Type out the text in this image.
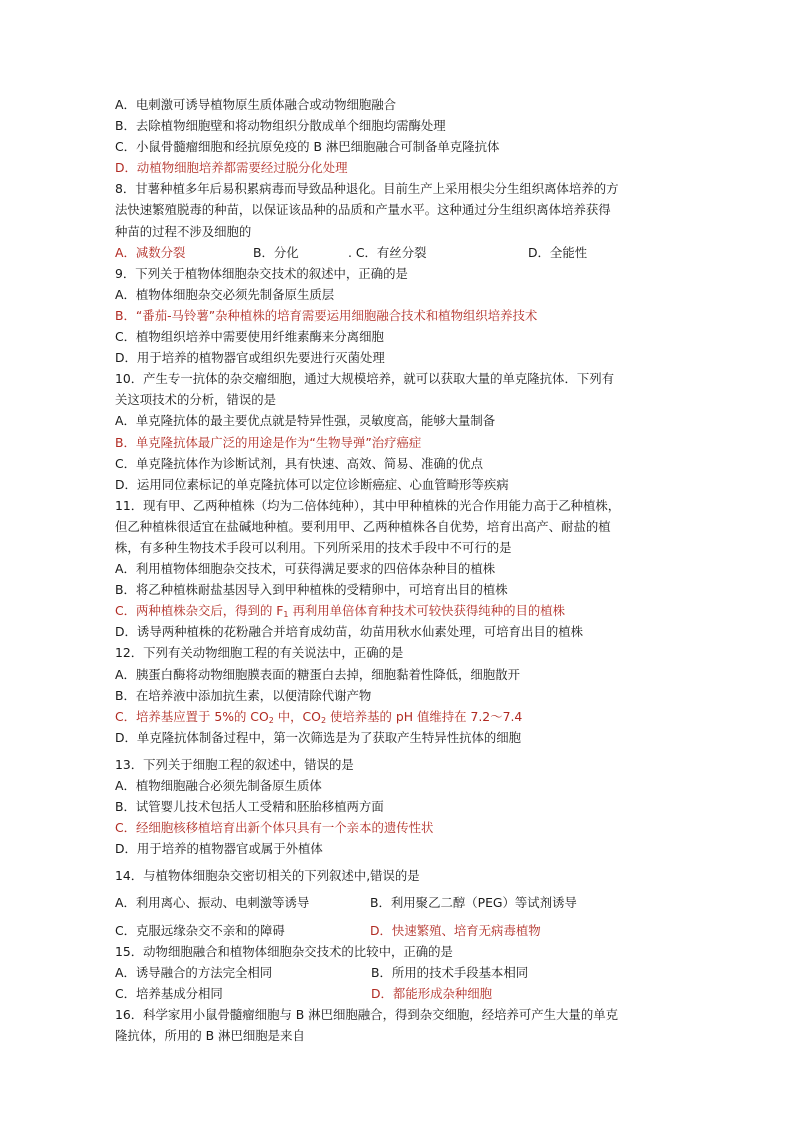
A．电刺激可诱导植物原生质体融合或动物细胞融合
B．去除植物细胞壁和将动物组织分散成单个细胞均需酶处理
C．小鼠骨髓瘤细胞和经抗原免疫的 B 淋巴细胞融合可制备单克隆抗体
D．动植物细胞培养都需要经过脱分化处理
8．甘薯种植多年后易积累病毒而导致品种退化。目前生产上采用根尖分生组织离体培养的方
法快速繁殖脱毒的种苗，以保证该品种的品质和产量水平。这种通过分生组织离体培养获得
种苗的过程不涉及细胞的
A．减数分裂	B．分化	. C．有丝分裂	D．全能性
9．下列关于植物体细胞杂交技术的叙述中，正确的是
A．植物体细胞杂交必须先制备原生质层
B．“番茄-马铃薯”杂种植株的培育需要运用细胞融合技术和植物组织培养技术
C．植物组织培养中需要使用纤维素酶来分离细胞
D．用于培养的植物器官或组织先要进行灭菌处理
10．产生专一抗体的杂交瘤细胞，通过大规模培养，就可以获取大量的单克隆抗体．下列有
关这项技术的分析，错误的是
A．单克隆抗体的最主要优点就是特异性强，灵敏度高，能够大量制备
B．单克隆抗体最广泛的用途是作为“生物导弹”治疗癌症
C．单克隆抗体作为诊断试剂，具有快速、高效、简易、准确的优点
D．运用同位素标记的单克隆抗体可以定位诊断癌症、心血管畸形等疾病
11．现有甲、乙两种植株（均为二倍体纯种），其中甲种植株的光合作用能力高于乙种植株，
但乙种植株很适宜在盐碱地种植。要利用甲、乙两种植株各自优势，培育出高产、耐盐的植
株，有多种生物技术手段可以利用。下列所采用的技术手段中不可行的是
A．利用植物体细胞杂交技术，可获得满足要求的四倍体杂种目的植株
B．将乙种植株耐盐基因导入到甲种植株的受精卵中，可培育出目的植株
C．两种植株杂交后，得到的 $F_1$ 再利用单倍体育种技术可较快获得纯种的目的植株
D．诱导两种植株的花粉融合并培育成幼苗，幼苗用秋水仙素处理，可培育出目的植株
12．下列有关动物细胞工程的有关说法中，正确的是
A．胰蛋白酶将动物细胞膜表面的糖蛋白去掉，细胞黏着性降低，细胞散开
B．在培养液中添加抗生素，以便清除代谢产物
C．培养基应置于 5%的 $CO_2$ 中，$CO_2$ 使培养基的 pH 值维持在 7.2～7.4
D．单克隆抗体制备过程中，第一次筛选是为了获取产生特异性抗体的细胞
13．下列关于细胞工程的叙述中，错误的是
A．植物细胞融合必须先制备原生质体
B．试管婴儿技术包括人工受精和胚胎移植两方面
C．经细胞核移植培育出新个体只具有一个亲本的遗传性状
D．用于培养的植物器官或属于外植体
14．与植物体细胞杂交密切相关的下列叙述中,错误的是
A．利用离心、振动、电刺激等诱导	B．利用聚乙二醇（PEG）等试剂诱导
C．克服远缘杂交不亲和的障碍	D．快速繁殖、培育无病毒植物
15．动物细胞融合和植物体细胞杂交技术的比较中，正确的是
A．诱导融合的方法完全相同	B．所用的技术手段基本相同
C．培养基成分相同	D．都能形成杂种细胞
16．科学家用小鼠骨髓瘤细胞与 B 淋巴细胞融合，得到杂交细胞，经培养可产生大量的单克
隆抗体，所用的 B 淋巴细胞是来自
